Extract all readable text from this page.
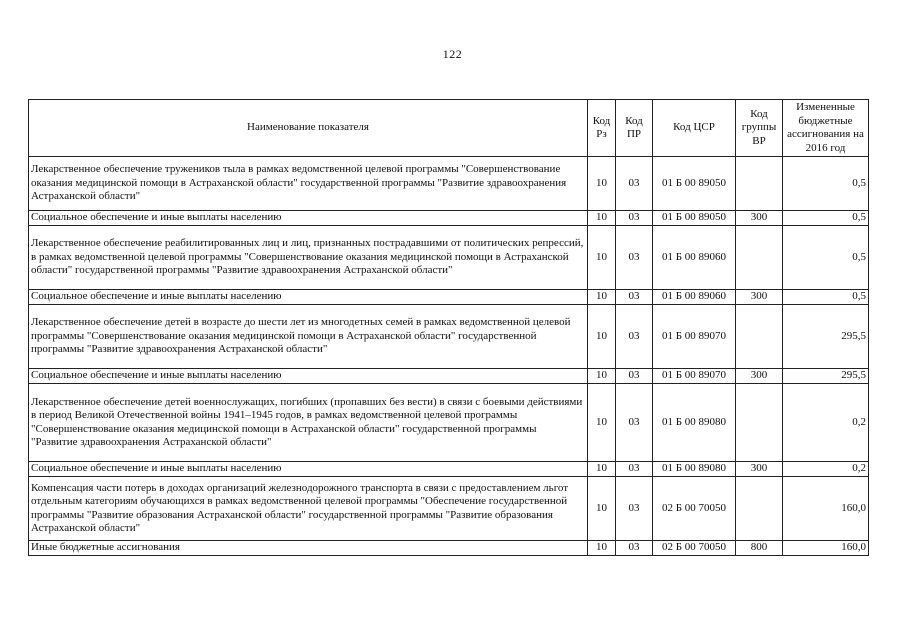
122
Наименование показателя	Код Рз	Код ПР	Код ЦСР	Код группы ВР	Измененные бюджетные ассигнования на 2016 год
Лекарственное обеспечение тружеников тыла в рамках ведомственной целевой программы "Совершенствование оказания медицинской помощи в Астраханской области" государственной программы "Развитие здравоохранения Астраханской области"	10	03	01 Б 00 89050		0,5
Социальное обеспечение и иные выплаты населению	10	03	01 Б 00 89050	300	0,5
Лекарственное обеспечение реабилитированных лиц и лиц, признанных пострадавшими от политических репрессий, в рамках ведомственной целевой программы "Совершенствование оказания медицинской помощи в Астраханской области" государственной программы "Развитие здравоохранения Астраханской области"	10	03	01 Б 00 89060		0,5
Социальное обеспечение и иные выплаты населению	10	03	01 Б 00 89060	300	0,5
Лекарственное обеспечение детей в возрасте до шести лет из многодетных семей в рамках ведомственной целевой программы "Совершенствование оказания медицинской помощи в Астраханской области" государственной программы "Развитие здравоохранения Астраханской области"	10	03	01 Б 00 89070		295,5
Социальное обеспечение и иные выплаты населению	10	03	01 Б 00 89070	300	295,5
Лекарственное обеспечение детей военнослужащих, погибших (пропавших без вести) в связи с боевыми действиями в период Великой Отечественной войны 1941–1945 годов, в рамках ведомственной целевой программы "Совершенствование оказания медицинской помощи в Астраханской области" государственной программы "Развитие здравоохранения Астраханской области"	10	03	01 Б 00 89080		0,2
Социальное обеспечение и иные выплаты населению	10	03	01 Б 00 89080	300	0,2
Компенсация части потерь в доходах организаций железнодорожного транспорта в связи с предоставлением льгот отдельным категориям обучающихся в рамках ведомственной целевой программы "Обеспечение государственной программы "Развитие образования Астраханской области" государственной программы "Развитие образования Астраханской области"	10	03	02 Б 00 70050		160,0
Иные бюджетные ассигнования	10	03	02 Б 00 70050	800	160,0
